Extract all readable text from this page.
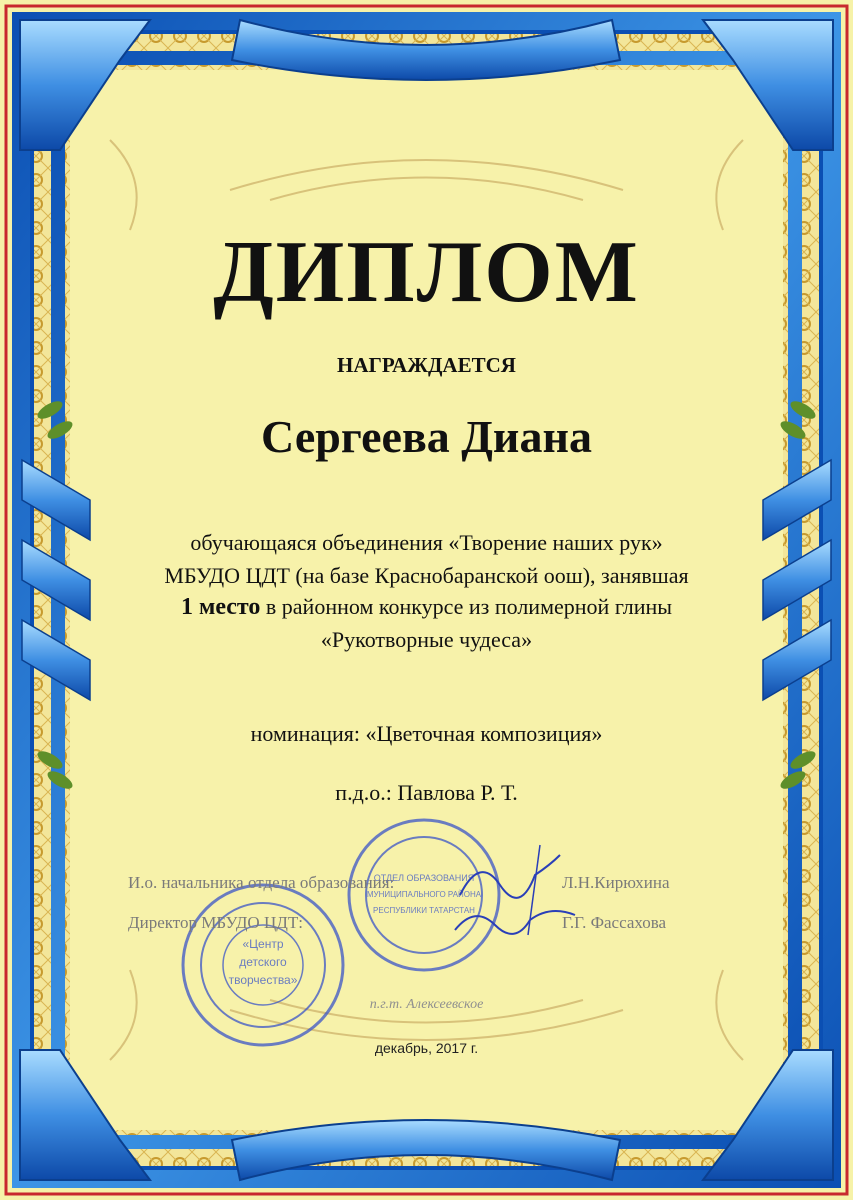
ДИПЛОМ
НАГРАЖДАЕТСЯ
Сергеева Диана
обучающаяся объединения «Творение наших рук»
МБУДО ЦДТ (на базе Краснобаранской оош), занявшая
1 место в районном конкурсе из полимерной глины
«Рукотворные чудеса»
номинация: «Цветочная композиция»
п.д.о.: Павлова Р. Т.
«Центр
детского
творчества»
ОТДЕЛ ОБРАЗОВАНИЯ
МУНИЦИПАЛЬНОГО РАЙОНА
РЕСПУБЛИКИ ТАТАРСТАН
И.о. начальника отдела образования:	Л.Н.Кирюхина
Директор МБУДО ЦДТ:	Г.Г. Фассахова
п.г.т. Алексеевское
декабрь, 2017 г.
